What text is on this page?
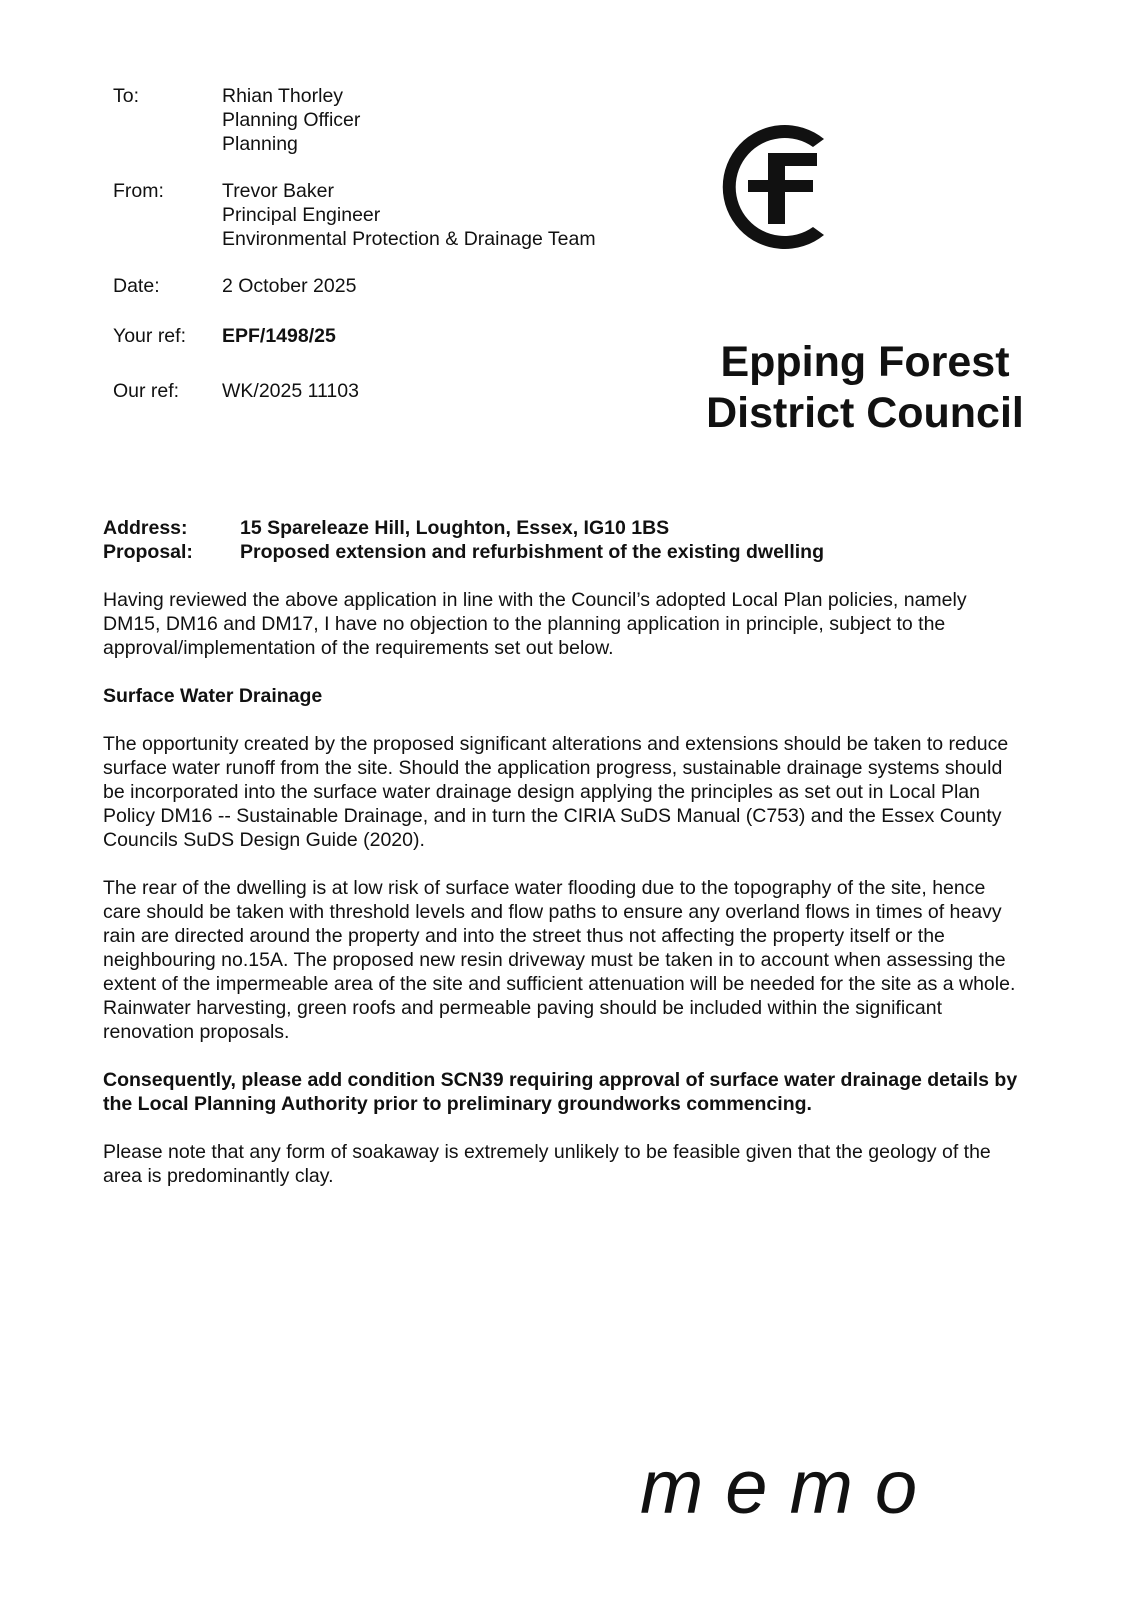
To:	Rhian Thorley
Planning Officer
Planning
From:	Trevor Baker
Principal Engineer
Environmental Protection & Drainage Team
Date:	2 October 2025
Your ref:	EPF/1498/25
Our ref:	WK/2025 11103
Epping Forest
District Council
Address:	15 Spareleaze Hill, Loughton, Essex, IG10 1BS
Proposal:	Proposed extension and refurbishment of the existing dwelling

Having reviewed the above application in line with the Council’s adopted Local Plan policies, namely DM15, DM16 and DM17, I have no objection to the planning application in principle, subject to the approval/implementation of the requirements set out below.

Surface Water Drainage

The opportunity created by the proposed significant alterations and extensions should be taken to reduce surface water runoff from the site. Should the application progress, sustainable drainage systems should be incorporated into the surface water drainage design applying the principles as set out in Local Plan Policy DM16 -- Sustainable Drainage, and in turn the CIRIA SuDS Manual (C753) and the Essex County Councils SuDS Design Guide (2020).

The rear of the dwelling is at low risk of surface water flooding due to the topography of the site, hence care should be taken with threshold levels and flow paths to ensure any overland flows in times of heavy rain are directed around the property and into the street thus not affecting the property itself or the neighbouring no.15A. The proposed new resin driveway must be taken in to account when assessing the extent of the impermeable area of the site and sufficient attenuation will be needed for the site as a whole. Rainwater harvesting, green roofs and permeable paving should be included within the significant renovation proposals.

Consequently, please add condition SCN39 requiring approval of surface water drainage details by the Local Planning Authority prior to preliminary groundworks commencing.

Please note that any form of soakaway is extremely unlikely to be feasible given that the geology of the area is predominantly clay.

memo
